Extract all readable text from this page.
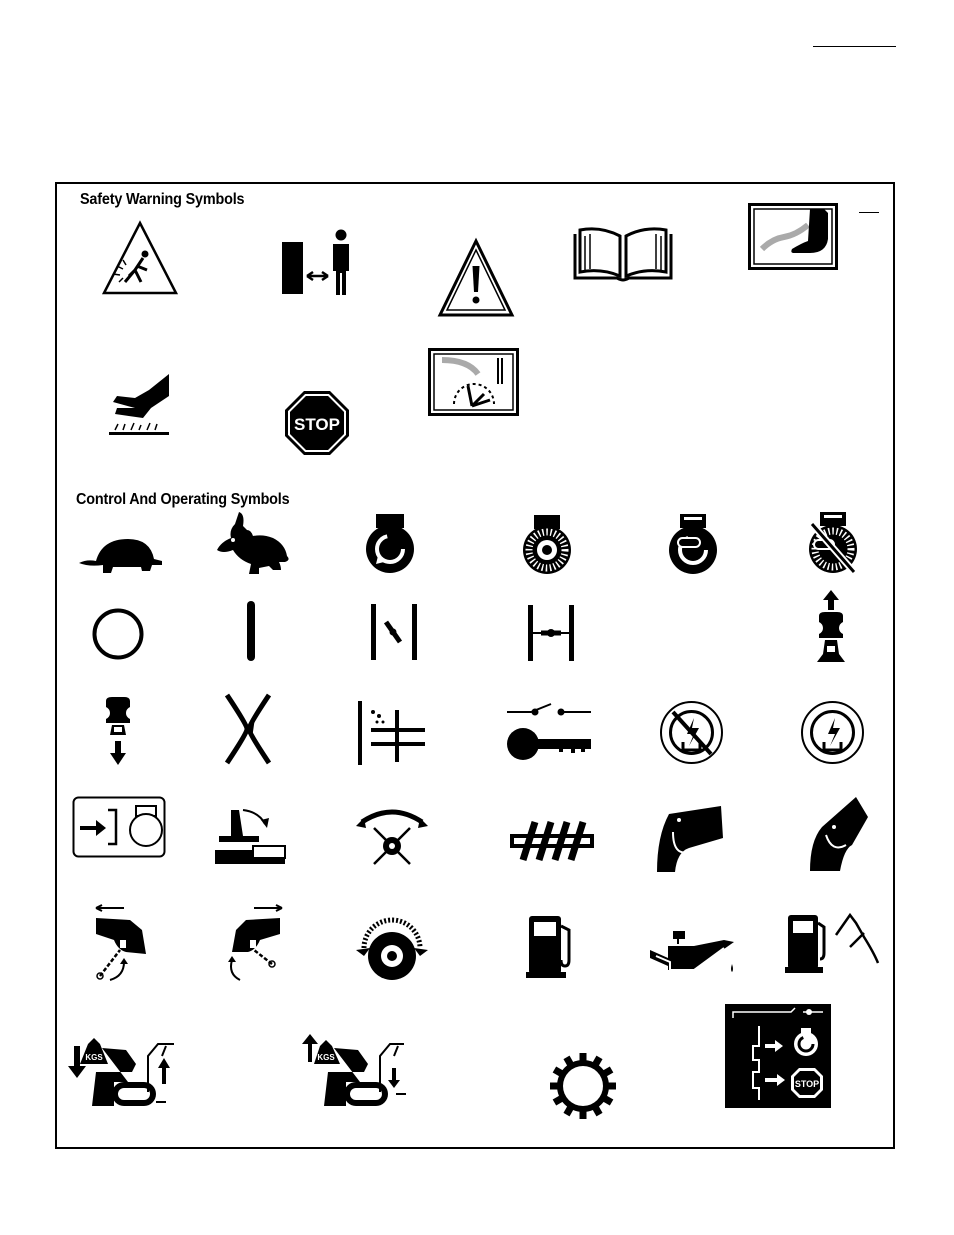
Safety Warning Symbols
STOP
Control And Operating Symbols
KGS	KGS
STOP
